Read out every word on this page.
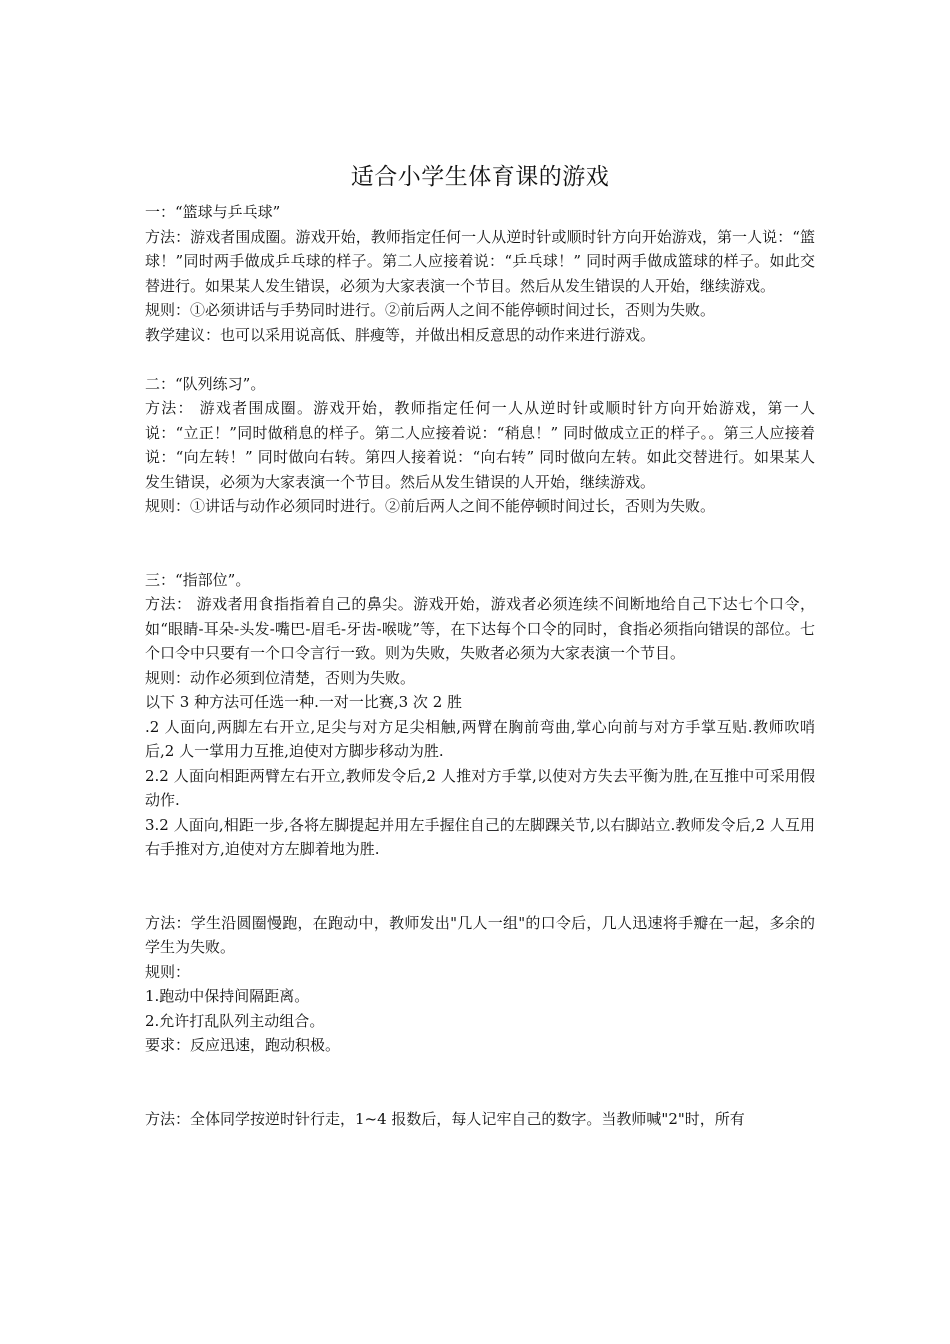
适合小学生体育课的游戏

一：“篮球与乒乓球”

方法：游戏者围成圈。游戏开始，教师指定任何一人从逆时针或顺时针方向开始游戏，第一人说：“篮球！”同时两手做成乒乓球的样子。第二人应接着说：“乒乓球！” 同时两手做成篮球的样子。如此交替进行。如果某人发生错误，必须为大家表演一个节目。然后从发生错误的人开始，继续游戏。

规则：①必须讲话与手势同时进行。②前后两人之间不能停顿时间过长，否则为失败。

教学建议：也可以采用说高低、胖瘦等，并做出相反意思的动作来进行游戏。

二：“队列练习”。

方法： 游戏者围成圈。游戏开始，教师指定任何一人从逆时针或顺时针方向开始游戏，第一人说：“立正！”同时做稍息的样子。第二人应接着说：“稍息！” 同时做成立正的样子。。第三人应接着说：“向左转！” 同时做向右转。第四人接着说：“向右转” 同时做向左转。如此交替进行。如果某人发生错误，必须为大家表演一个节目。然后从发生错误的人开始，继续游戏。

规则：①讲话与动作必须同时进行。②前后两人之间不能停顿时间过长，否则为失败。

三：“指部位”。

方法： 游戏者用食指指着自己的鼻尖。游戏开始，游戏者必须连续不间断地给自己下达七个口令，如“眼睛-耳朵-头发-嘴巴-眉毛-牙齿-喉咙”等，在下达每个口令的同时，食指必须指向错误的部位。七个口令中只要有一个口令言行一致。则为失败，失败者必须为大家表演一个节目。

规则：动作必须到位清楚，否则为失败。

以下 3 种方法可任选一种.一对一比赛,3 次 2 胜

.2 人面向,两脚左右开立,足尖与对方足尖相触,两臂在胸前弯曲,掌心向前与对方手掌互贴.教师吹哨后,2 人一掌用力互推,迫使对方脚步移动为胜.

2.2 人面向相距两臂左右开立,教师发令后,2 人推对方手掌,以使对方失去平衡为胜,在互推中可采用假动作.

3.2 人面向,相距一步,各将左脚提起并用左手握住自己的左脚踝关节,以右脚站立.教师发令后,2 人互用右手推对方,迫使对方左脚着地为胜.

方法：学生沿圆圈慢跑，在跑动中，教师发出"几人一组"的口令后，几人迅速将手瓣在一起，多余的学生为失败。

规则：

1.跑动中保持间隔距离。

2.允许打乱队列主动组合。

要求：反应迅速，跑动积极。

方法：全体同学按逆时针行走，1~4 报数后，每人记牢自己的数字。当教师喊"2"时，所有
